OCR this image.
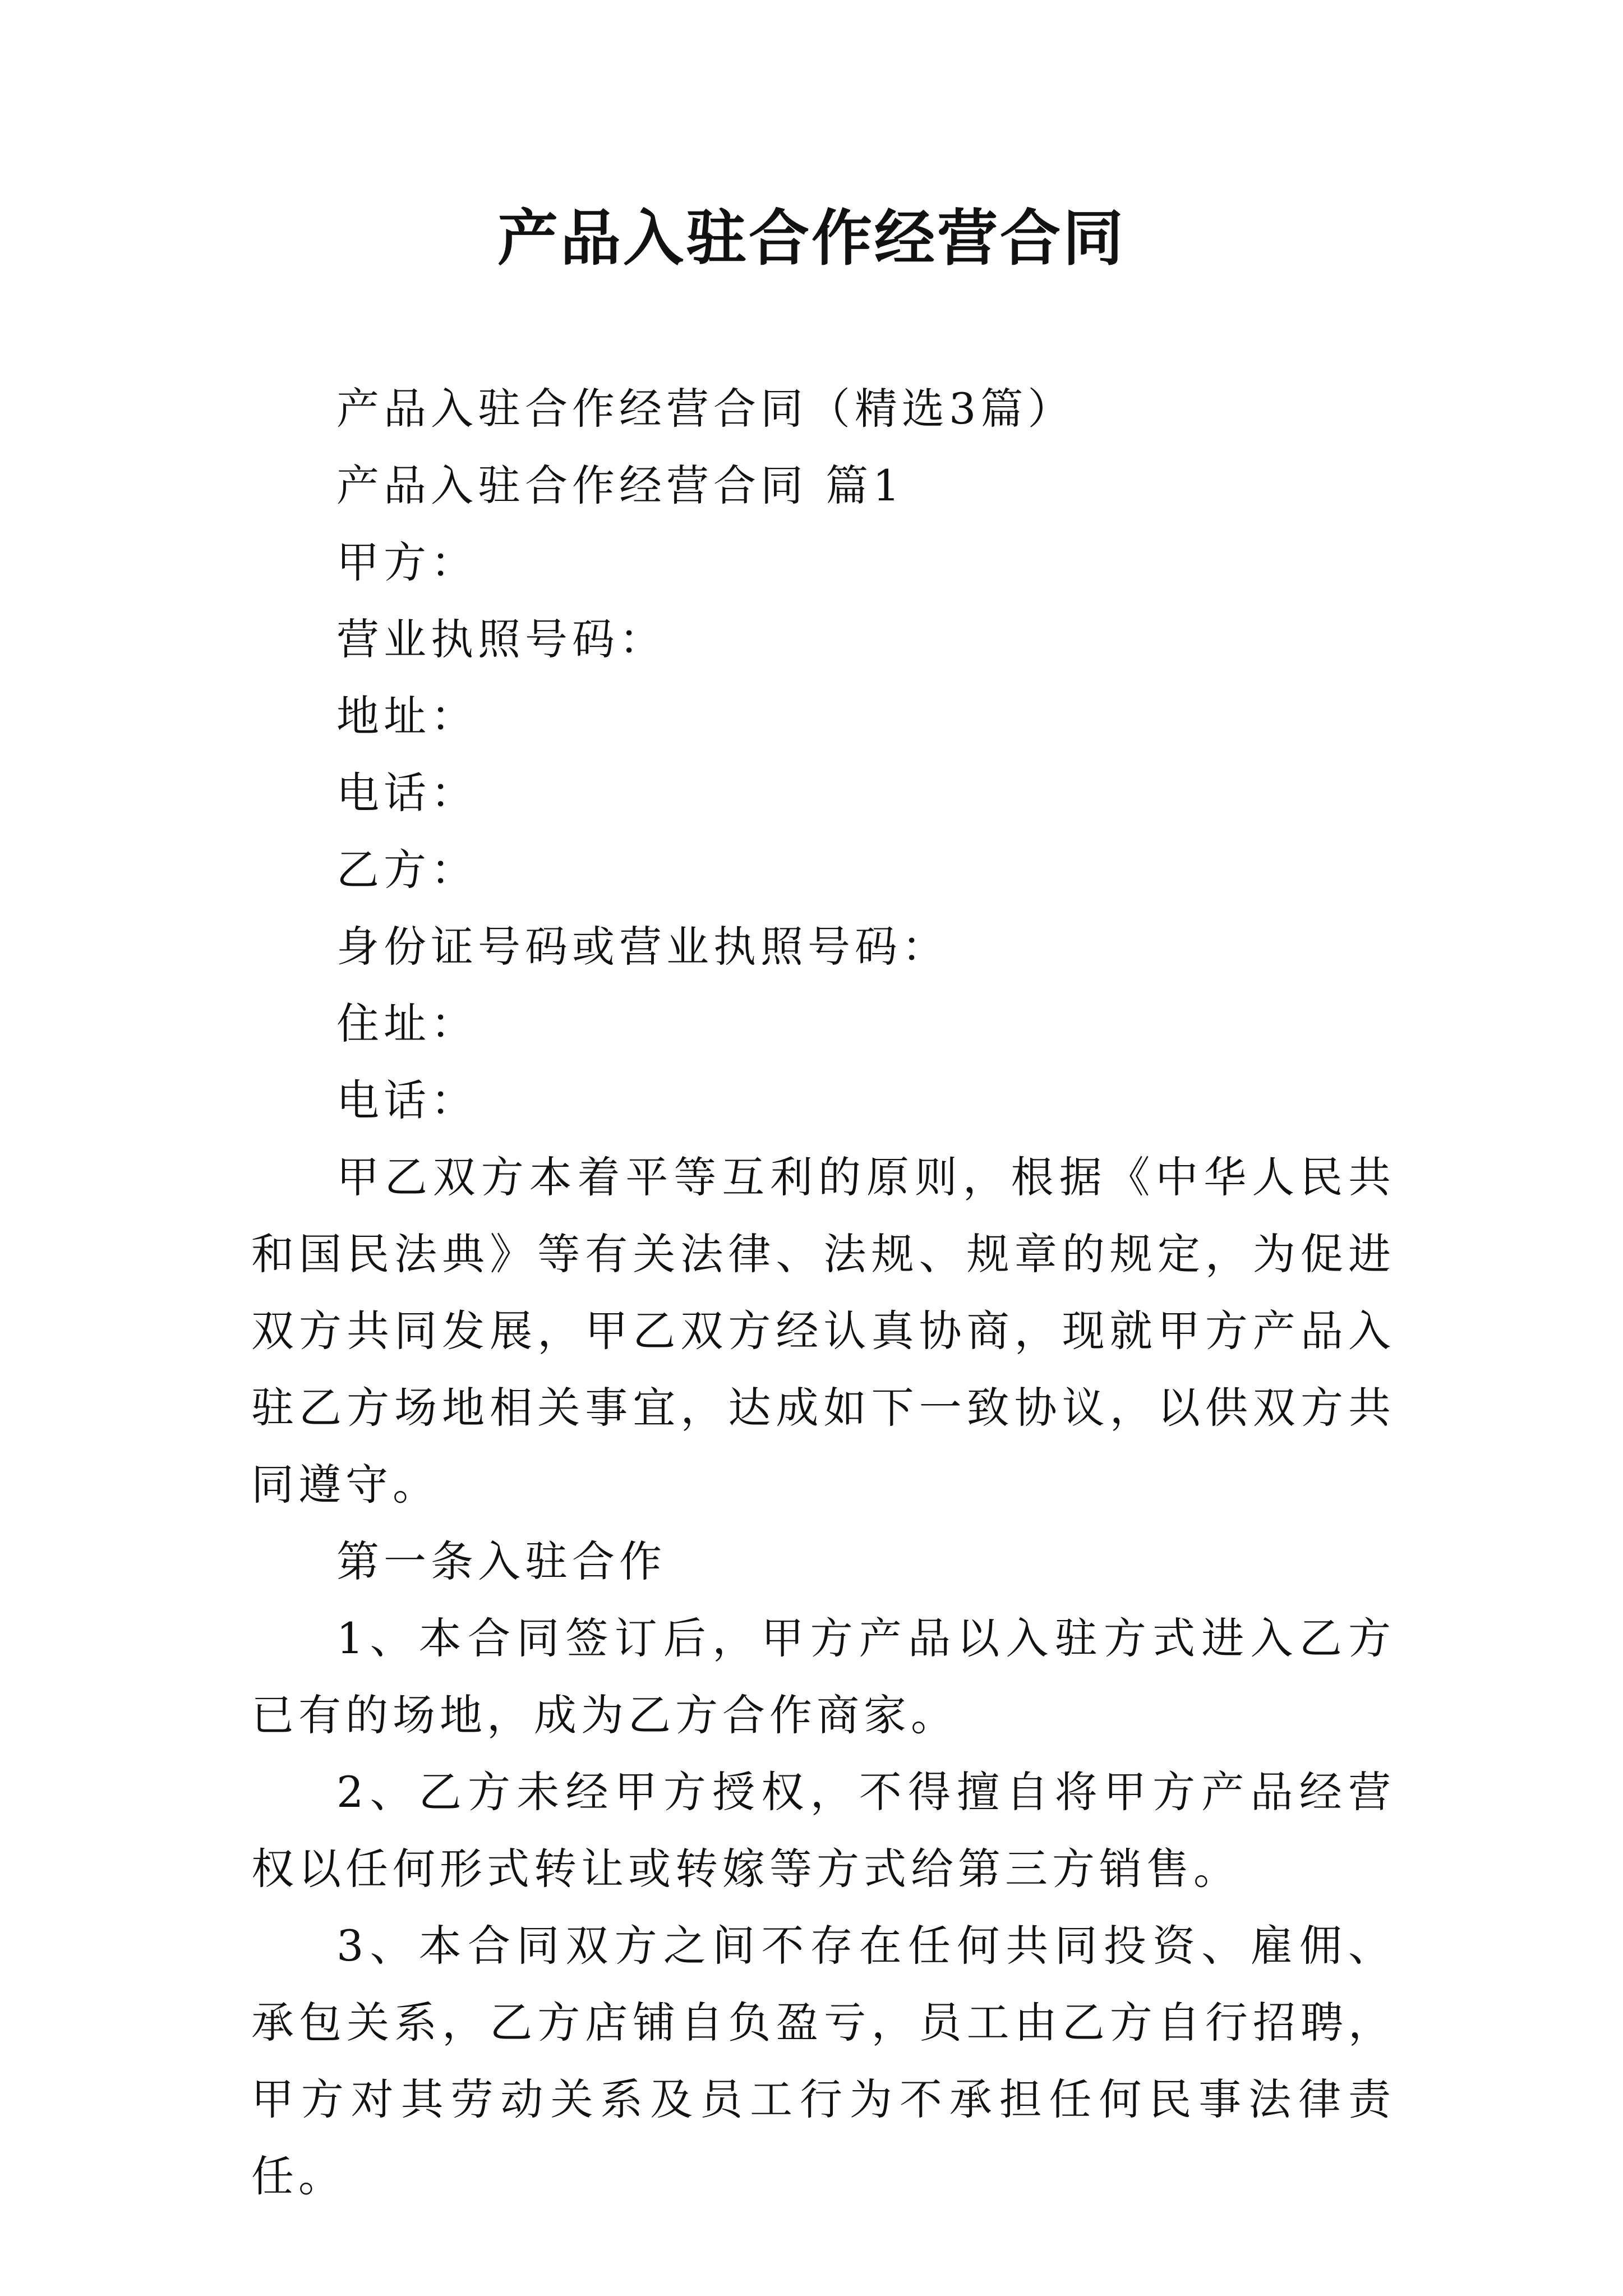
产品入驻合作经营合同

产品入驻合作经营合同（精选3篇）

产品入驻合作经营合同 篇1

甲方：

营业执照号码：

地址：

电话：

乙方：

身份证号码或营业执照号码：

住址：

电话：

甲乙双方本着平等互利的原则，根据《中华人民共和国民法典》等有关法律、法规、规章的规定，为促进双方共同发展，甲乙双方经认真协商，现就甲方产品入驻乙方场地相关事宜，达成如下一致协议，以供双方共同遵守。

第一条入驻合作

1、本合同签订后，甲方产品以入驻方式进入乙方已有的场地，成为乙方合作商家。

2、乙方未经甲方授权，不得擅自将甲方产品经营权以任何形式转让或转嫁等方式给第三方销售。

3、本合同双方之间不存在任何共同投资、雇佣、承包关系，乙方店铺自负盈亏，员工由乙方自行招聘，甲方对其劳动关系及员工行为不承担任何民事法律责任。
